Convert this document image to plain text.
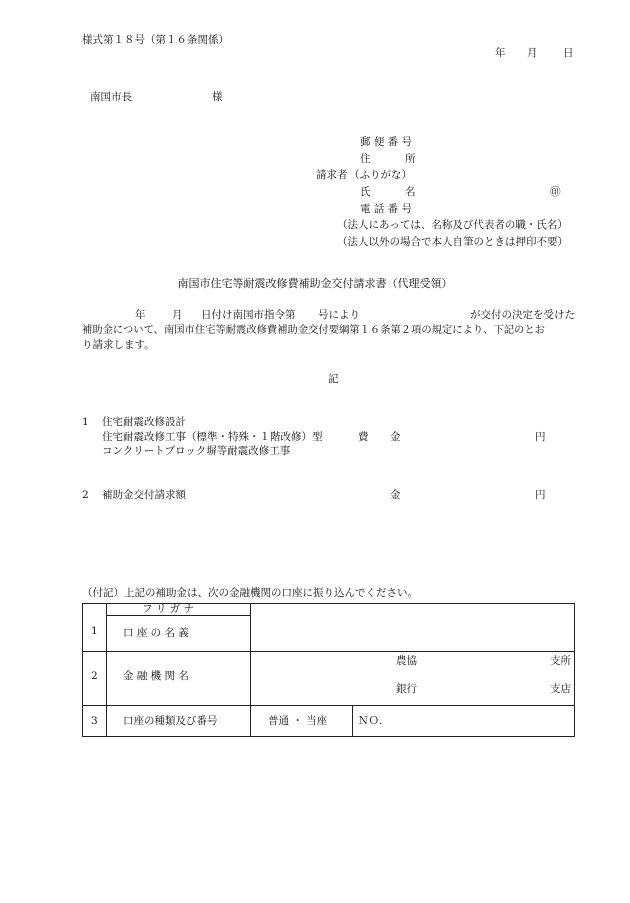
様式第１８号（第１６条関係）
年 月 日
南国市長	様
郵 便 番 号
住	所
請求者 （ふりがな）
氏	名	㊞
電 話 番 号
（法人にあっては、名称及び代表者の職・氏名）
（法人以外の場合で本人自筆のときは押印不要）
南国市住宅等耐震改修費補助金交付請求書（代理受領）
年	月 日付け南国市指令第 号により	が交付の決定を受けた
補助金について、南国市住宅等耐震改修費補助金交付要綱第１６条第２項の規定により、下記のとお
り請求します。
記
1 住宅耐震改修設計
住宅耐震改修工事（標準・特殊・１階改修）型	費 金	円
コンクリートブロック塀等耐震改修工事
2 補助金交付請求額	金	円
（付記）上記の補助金は、次の金融機関の口座に振り込んでください。
フ リ ガ ナ
1 口 座 の 名 義
2 金 融 機 関 名
農協	支所
銀行	支店
3 口座の種類及び番号	普通 ・ 当座	ＮＯ.
